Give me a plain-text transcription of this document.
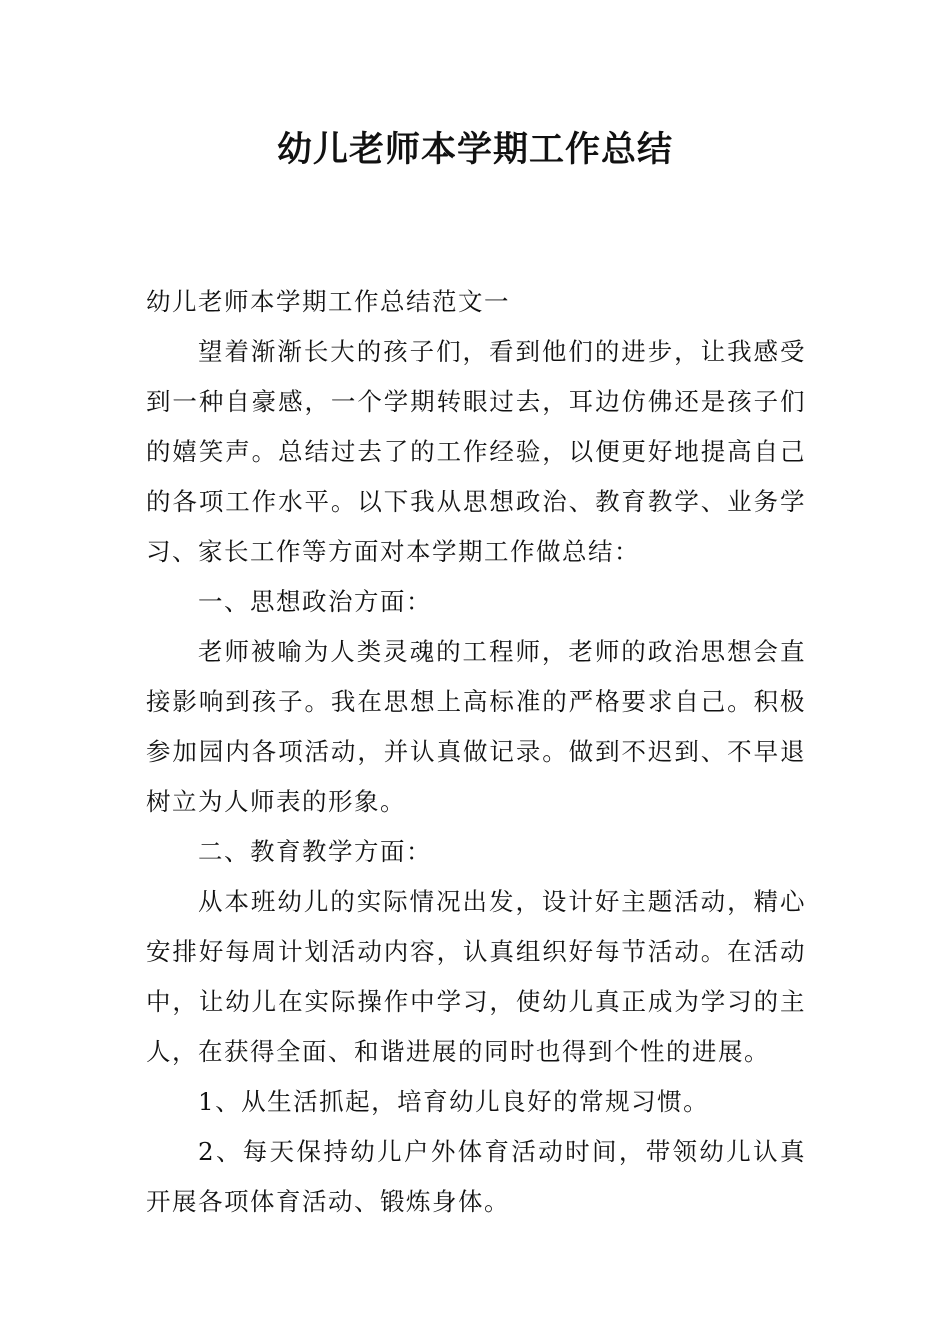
幼儿老师本学期工作总结

幼儿老师本学期工作总结范文一

望着渐渐长大的孩子们，看到他们的进步，让我感受到一种自豪感，一个学期转眼过去，耳边仿佛还是孩子们的嬉笑声。总结过去了的工作经验，以便更好地提高自己的各项工作水平。以下我从思想政治、教育教学、业务学习、家长工作等方面对本学期工作做总结：

一、思想政治方面：

老师被喻为人类灵魂的工程师，老师的政治思想会直接影响到孩子。我在思想上高标准的严格要求自己。积极参加园内各项活动，并认真做记录。做到不迟到、不早退树立为人师表的形象。

二、教育教学方面：

从本班幼儿的实际情况出发，设计好主题活动，精心安排好每周计划活动内容，认真组织好每节活动。在活动中，让幼儿在实际操作中学习，使幼儿真正成为学习的主人，在获得全面、和谐进展的同时也得到个性的进展。

1、从生活抓起，培育幼儿良好的常规习惯。

2、每天保持幼儿户外体育活动时间，带领幼儿认真开展各项体育活动、锻炼身体。
